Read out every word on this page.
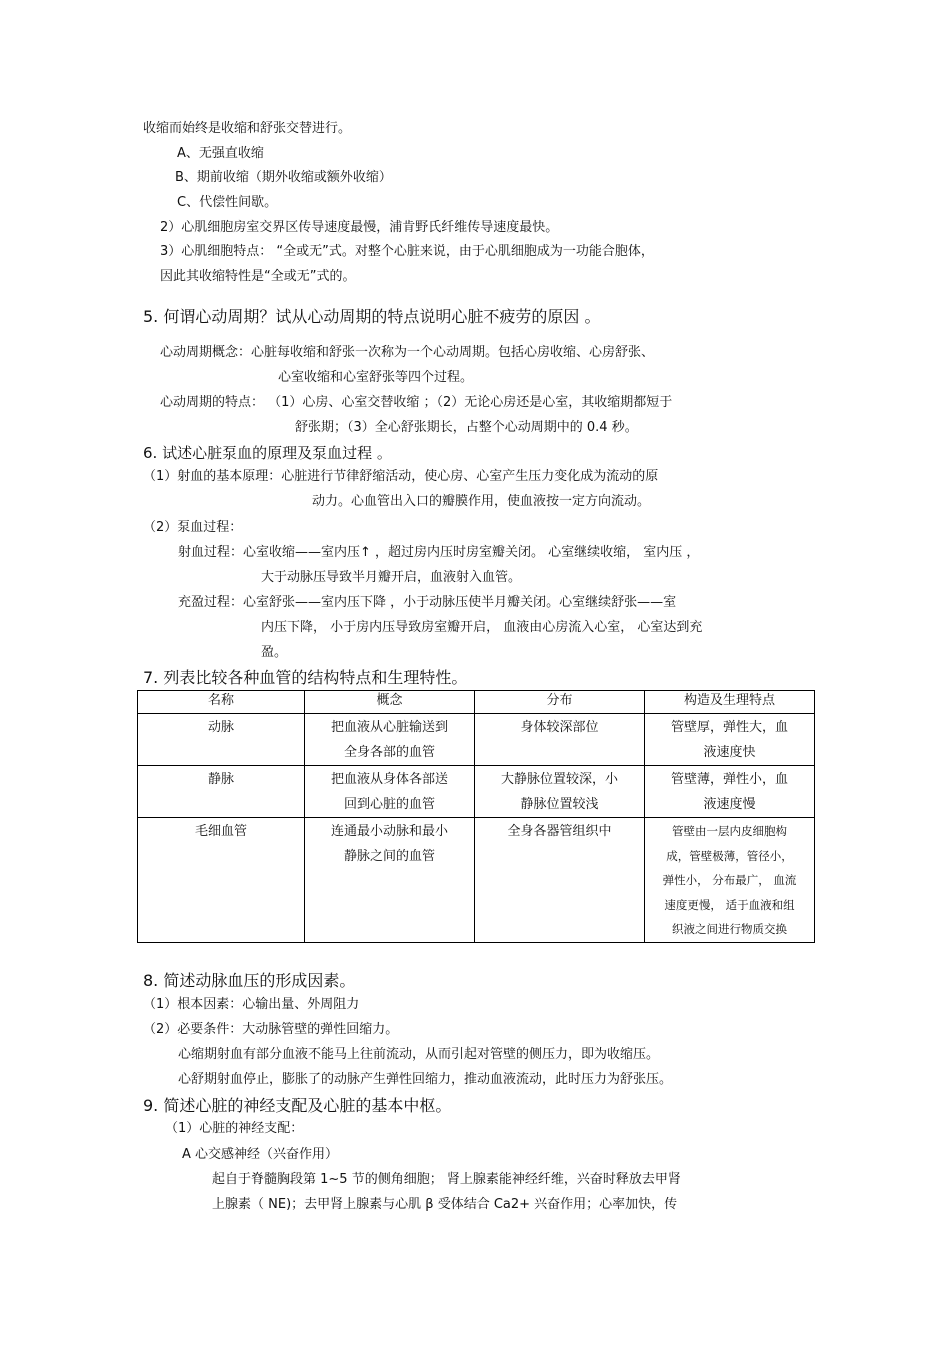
收缩而始终是收缩和舒张交替进行。
A、无强直收缩
B、期前收缩（期外收缩或额外收缩）
C、代偿性间歇。
2）心肌细胞房室交界区传导速度最慢，浦肯野氏纤维传导速度最快。
3）心肌细胞特点： “全或无”式。对整个心脏来说，由于心肌细胞成为一功能合胞体，
因此其收缩特性是“全或无”式的。
5. 何谓心动周期？试从心动周期的特点说明心脏不疲劳的原因 。
心动周期概念：心脏每收缩和舒张一次称为一个心动周期。包括心房收缩、心房舒张、
心室收缩和心室舒张等四个过程。
心动周期的特点： （1）心房、心室交替收缩 ；（2）无论心房还是心室，其收缩期都短于
舒张期；（3）全心舒张期长，占整个心动周期中的 0.4 秒。
6. 试述心脏泵血的原理及泵血过程 。
（1）射血的基本原理：心脏进行节律舒缩活动，使心房、心室产生压力变化成为流动的原
动力。心血管出入口的瓣膜作用，使血液按一定方向流动。
（2）泵血过程：
射血过程：心室收缩——室内压↑ ，超过房内压时房室瓣关闭。 心室继续收缩， 室内压 ，
大于动脉压导致半月瓣开启，血液射入血管。
充盈过程：心室舒张——室内压下降 ，小于动脉压使半月瓣关闭。心室继续舒张——室
内压下降， 小于房内压导致房室瓣开启， 血液由心房流入心室， 心室达到充
盈。
7. 列表比较各种血管的结构特点和生理特性。
名称	概念	分布	构造及生理特点

动脉	把血液从心脏输送到
全身各部的血管	身体较深部位	管壁厚，弹性大，血
液速度快

静脉	把血液从身体各部送
回到心脏的血管	大静脉位置较深，小
静脉位置较浅	管壁薄，弹性小，血
液速度慢

毛细血管	连通最小动脉和最小
静脉之间的血管	全身各器管组织中	管壁由一层内皮细胞构
成，管壁极薄，管径小，
弹性小， 分布最广， 血流
速度更慢， 适于血液和组
织液之间进行物质交换
8. 简述动脉血压的形成因素。
（1）根本因素：心输出量、外周阻力
（2）必要条件：大动脉管壁的弹性回缩力。
心缩期射血有部分血液不能马上往前流动，从而引起对管壁的侧压力，即为收缩压。
心舒期射血停止，膨胀了的动脉产生弹性回缩力，推动血液流动，此时压力为舒张压。
9. 简述心脏的神经支配及心脏的基本中枢。
（1）心脏的神经支配：
A 心交感神经（兴奋作用）
起自于脊髓胸段第 1~5 节的侧角细胞； 肾上腺素能神经纤维，兴奋时释放去甲肾
上腺素（ NE)；去甲肾上腺素与心肌 β 受体结合 Ca2+ 兴奋作用；心率加快，传
